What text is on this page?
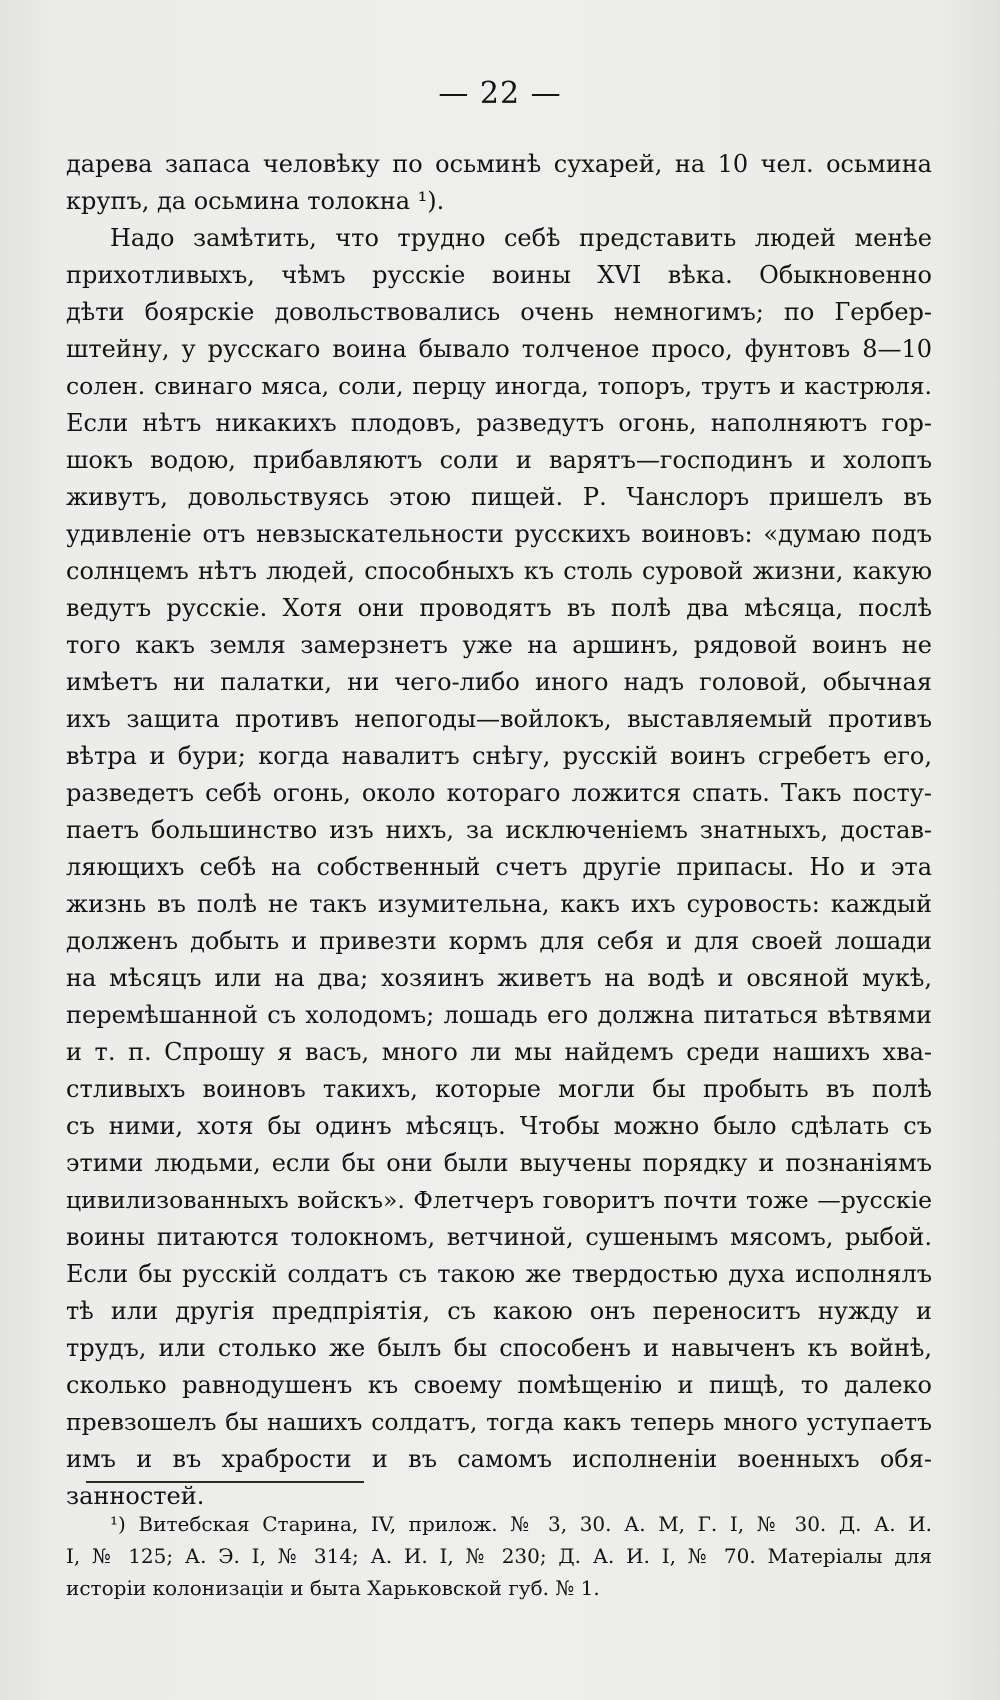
— 22 —
дарева запаса человѣку по осьминѣ сухарей, на 10 чел. осьмина
крупъ, да осьмина толокна ¹).
Надо замѣтить, что трудно себѣ представить людей менѣе
прихотливыхъ, чѣмъ русскіе воины XVI вѣка. Обыкновенно
дѣти боярскіе довольствовались очень немногимъ; по Гербер-
штейну, у русскаго воина бывало толченое просо, фунтовъ 8—10
солен. свинаго мяса, соли, перцу иногда, топоръ, трутъ и кастрюля.
Если нѣтъ никакихъ плодовъ, разведутъ огонь, наполняютъ гор-
шокъ водою, прибавляютъ соли и варятъ—господинъ и холопъ
живутъ, довольствуясь этою пищей. Р. Чанслоръ пришелъ въ
удивленіе отъ невзыскательности русскихъ воиновъ: «думаю подъ
солнцемъ нѣтъ людей, способныхъ къ столь суровой жизни, какую
ведутъ русскіе. Хотя они проводятъ въ полѣ два мѣсяца, послѣ
того какъ земля замерзнетъ уже на аршинъ, рядовой воинъ не
имѣетъ ни палатки, ни чего-либо иного надъ головой, обычная
ихъ защита противъ непогоды—войлокъ, выставляемый противъ
вѣтра и бури; когда навалитъ снѣгу, русскій воинъ сгребетъ его,
разведетъ себѣ огонь, около котораго ложится спать. Такъ посту-
паетъ большинство изъ нихъ, за исключеніемъ знатныхъ, достав-
ляющихъ себѣ на собственный счетъ другіе припасы. Но и эта
жизнь въ полѣ не такъ изумительна, какъ ихъ суровость: каждый
долженъ добыть и привезти кормъ для себя и для своей лошади
на мѣсяцъ или на два; хозяинъ живетъ на водѣ и овсяной мукѣ,
перемѣшанной съ холодомъ; лошадь его должна питаться вѣтвями
и т. п. Спрошу я васъ, много ли мы найдемъ среди нашихъ хва-
стливыхъ воиновъ такихъ, которые могли бы пробыть въ полѣ
съ ними, хотя бы одинъ мѣсяцъ. Чтобы можно было сдѣлать съ
этими людьми, если бы они были выучены порядку и познаніямъ
цивилизованныхъ войскъ». Флетчеръ говоритъ почти тоже —русскіе
воины питаются толокномъ, ветчиной, сушенымъ мясомъ, рыбой.
Если бы русскій солдатъ съ такою же твердостью духа исполнялъ
тѣ или другія предпріятія, съ какою онъ переноситъ нужду и
трудъ, или столько же былъ бы способенъ и навыченъ къ войнѣ,
сколько равнодушенъ къ своему помѣщенію и пищѣ, то далеко
превзошелъ бы нашихъ солдатъ, тогда какъ теперь много уступаетъ
имъ и въ храбрости и въ самомъ исполненіи военныхъ обя-
занностей.
¹) Витебская Старина, IV, прилож. № 3, 30. А. М, Г. I, № 30. Д. А. И.
I, № 125; А. Э. I, № 314; А. И. I, № 230; Д. А. И. I, № 70. Матеріалы для
исторіи колонизаціи и быта Харьковской губ. № 1.
